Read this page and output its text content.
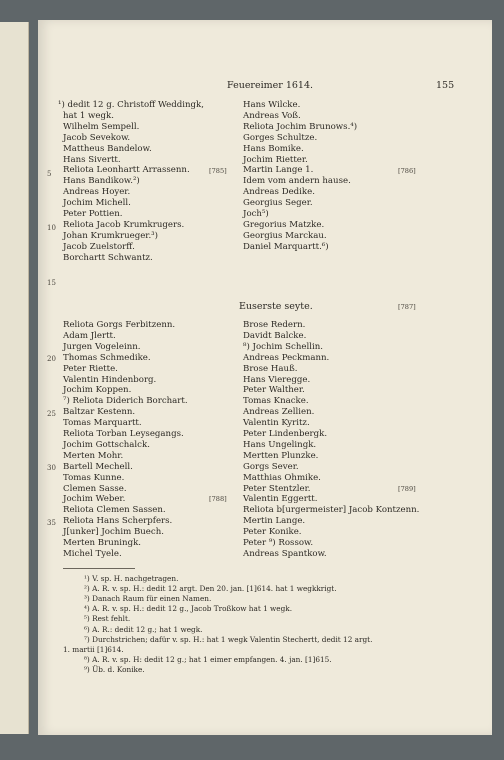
Feuereimer 1614.	155
Euserste seyte.
¹) dedit 12 g. Christoff Weddingk,
hat 1 wegk.
Wilhelm Sempell.
Jacob Sevekow.
Mattheus Bandelow.
Hans Sivertt.
Reliota Leonhartt Arrassenn.
Hans Bandikow.²)
Andreas Hoyer.
Jochim Michell.
Peter Pottien.
Reliota Jacob Krumkrugers.
Johan Krumkrueger.³)
Jacob Zuelstorff.
Borchartt Schwantz.
Hans Wilcke.
Andreas Voß.
Reliota Jochim Brunows.⁴)
Gorges Schultze.
Hans Bomike.
Jochim Rietter.
Martin Lange 1.
Idem vom andern hause.
Andreas Dedike.
Georgius Seger.
Joch⁵)
Gregorius Matzke.
Georgius Marckau.
Daniel Marquartt.⁶)
Reliota Gorgs Ferbitzenn.
Adam Jlertt.
Jurgen Vogeleinn.
Thomas Schmedike.
Peter Riette.
Valentin Hindenborg.
Jochim Koppen.
⁷) Reliota Diderich Borchart.
Baltzar Kestenn.
Tomas Marquartt.
Reliota Torban Leysegangs.
Jochim Gottschalck.
Merten Mohr.
Bartell Mechell.
Tomas Kunne.
Clemen Sasse.
Jochim Weber.
Reliota Clemen Sassen.
Reliota Hans Scherpfers.
J[unker] Jochim Buech.
Merten Bruningk.
Michel Tyele.
Brose Redern.
Davidt Balcke.
⁸) Jochim Schellin.
Andreas Peckmann.
Brose Hauß.
Hans Vieregge.
Peter Walther.
Tomas Knacke.
Andreas Zellien.
Valentin Kyritz.
Peter Lindenbergk.
Hans Ungelingk.
Mertten Plunzke.
Gorgs Sever.
Matthias Ohmike.
Peter Stentzler.
Valentin Eggertt.
Reliota b[urgermeister] Jacob Kontzenn.
Mertin Lange.
Peter Konike.
Peter ⁹) Rossow.
Andreas Spantkow.
5
10
15
20
25
30
35
[785]	[786]
[787]
[788]
[789]
¹) V. sp. H. nachgetragen.
²) A. R. v. sp. H.: dedit 12 argt. Den 20. jan. [1]614. hat 1 wegkkrigt.
³) Danach Raum für einen Namen.
⁴) A. R. v. sp. H.: dedit 12 g., Jacob Troßkow hat 1 wegk.
⁵) Rest fehlt.
⁶) A. R.: dedit 12 g.; hat 1 wegk.
⁷) Durchstrichen; dafür v. sp. H.: hat 1 wegk Valentin Stechertt, dedit 12 argt.
1. martii [1]614.
⁸) A. R. v. sp. H: dedit 12 g.; hat 1 eimer empfangen. 4. jan. [1]615.
⁹) Üb. d. Konike.
